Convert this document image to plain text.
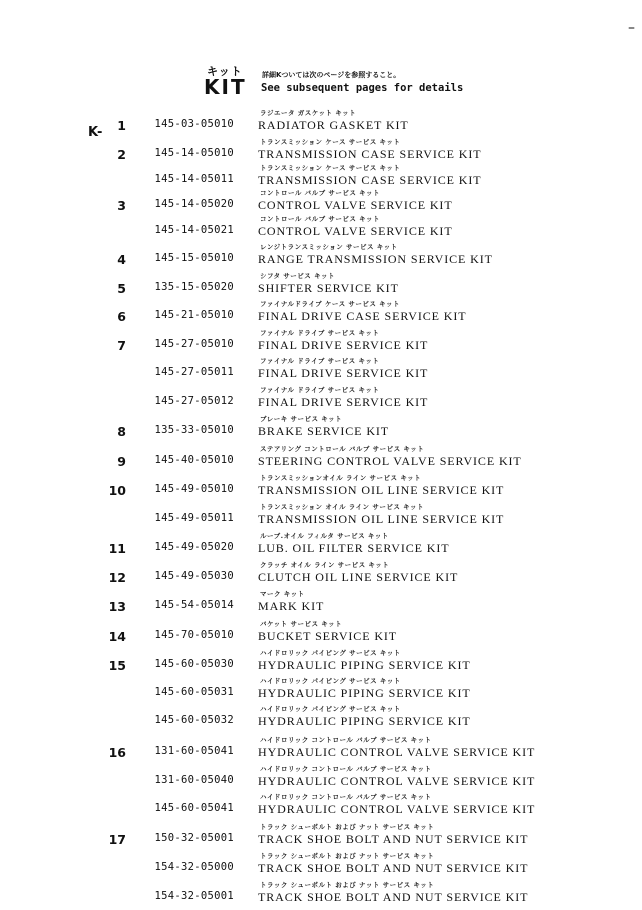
–
キット
KIT 詳細Kついては次のページを参照すること。
See subsequent pages for details
K-	1	145-03-05010
ラジエータ ガスケット キット
RADIATOR GASKET KIT
2	145-14-05010
トランスミッション ケース サービス キット
TRANSMISSION CASE SERVICE KIT
145-14-05011
トランスミッション ケース サービス キット
TRANSMISSION CASE SERVICE KIT
3	145-14-05020
コントロール バルブ サービス キット
CONTROL VALVE SERVICE KIT
145-14-05021
コントロール バルブ サービス キット
CONTROL VALVE SERVICE KIT
4	145-15-05010
レンジトランスミッション サービス キット
RANGE TRANSMISSION SERVICE KIT
5	135-15-05020
シフタ サービス キット
SHIFTER SERVICE KIT
6	145-21-05010
ファイナルドライブ ケース サービス キット
FINAL DRIVE CASE SERVICE KIT
7	145-27-05010
ファイナル ドライブ サービス キット
FINAL DRIVE SERVICE KIT
145-27-05011
ファイナル ドライブ サービス キット
FINAL DRIVE SERVICE KIT
145-27-05012
ファイナル ドライブ サービス キット
FINAL DRIVE SERVICE KIT
8	135-33-05010
ブレーキ サービス キット
BRAKE SERVICE KIT
9	145-40-05010
ステアリング コントロール バルブ サービス キット
STEERING CONTROL VALVE SERVICE KIT
10	145-49-05010
トランスミッションオイル ライン サービス キット
TRANSMISSION OIL LINE SERVICE KIT
145-49-05011
トランスミッション オイル ライン サービス キット
TRANSMISSION OIL LINE SERVICE KIT
11	145-49-05020
ルーブ.オイル フィルタ サービス キット
LUB. OIL FILTER SERVICE KIT
12	145-49-05030
クラッチ オイル ライン サービス キット
CLUTCH OIL LINE SERVICE KIT
13	145-54-05014
マーク キット
MARK KIT
14	145-70-05010
バケット サービス キット
BUCKET SERVICE KIT
15	145-60-05030
ハイドロリック パイピング サービス キット
HYDRAULIC PIPING SERVICE KIT
145-60-05031
ハイドロリック パイピング サービス キット
HYDRAULIC PIPING SERVICE KIT
145-60-05032
ハイドロリック パイピング サービス キット
HYDRAULIC PIPING SERVICE KIT
16	131-60-05041
ハイドロリック コントロール バルブ サービス キット
HYDRAULIC CONTROL VALVE SERVICE KIT
131-60-05040
ハイドロリック コントロール バルブ サービス キット
HYDRAULIC CONTROL VALVE SERVICE KIT
145-60-05041
ハイドロリック コントロール バルブ サービス キット
HYDRAULIC CONTROL VALVE SERVICE KIT
17	150-32-05001
トラック シューボルト および ナット サービス キット
TRACK SHOE BOLT AND NUT SERVICE KIT
154-32-05000
トラック シューボルト および ナット サービス キット
TRACK SHOE BOLT AND NUT SERVICE KIT
154-32-05001
トラック シューボルト および ナット サービス キット
TRACK SHOE BOLT AND NUT SERVICE KIT
